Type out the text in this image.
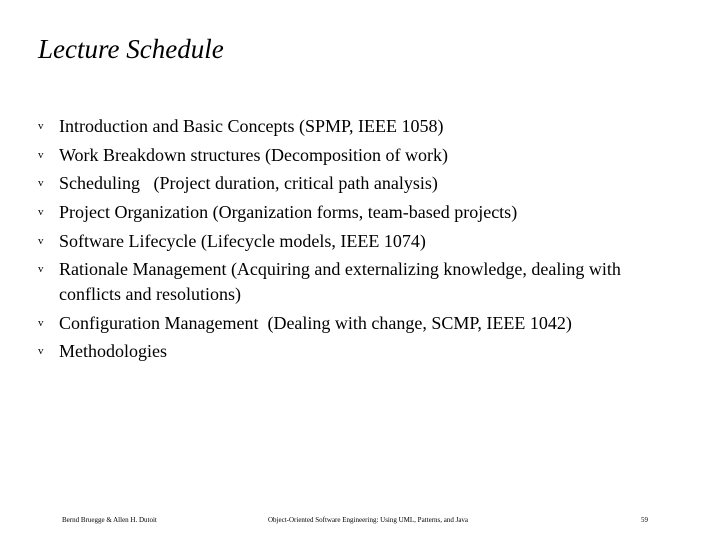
Lecture Schedule
v Introduction and Basic Concepts (SPMP, IEEE 1058)
v Work Breakdown structures (Decomposition of work)
v Scheduling   (Project duration, critical path analysis)
v Project Organization (Organization forms, team-based projects)
v Software Lifecycle (Lifecycle models, IEEE 1074)
v Rationale Management (Acquiring and externalizing knowledge, dealing with conflicts and resolutions)
v Configuration Management  (Dealing with change, SCMP, IEEE 1042)
v Methodologies
Bernd Bruegge & Allen H. Dutoit	Object-Oriented Software Engineering: Using UML, Patterns, and Java	59
